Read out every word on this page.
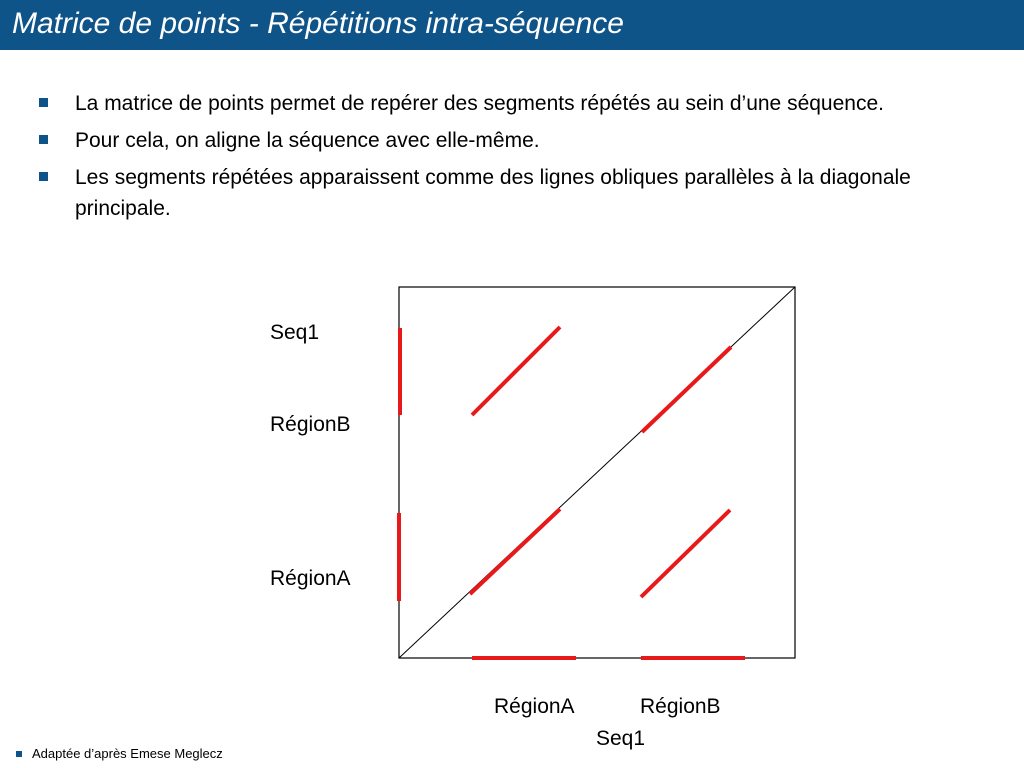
Matrice de points - Répétitions intra-séquence
La matrice de points permet de repérer des segments répétés au sein d’une séquence.
Pour cela, on aligne la séquence avec elle-même.
Les segments répétées apparaissent comme des lignes obliques parallèles à la diagonale principale.
Seq1
RégionB
RégionA
RégionA	RégionB
Seq1
Adaptée d’après Emese Meglecz
